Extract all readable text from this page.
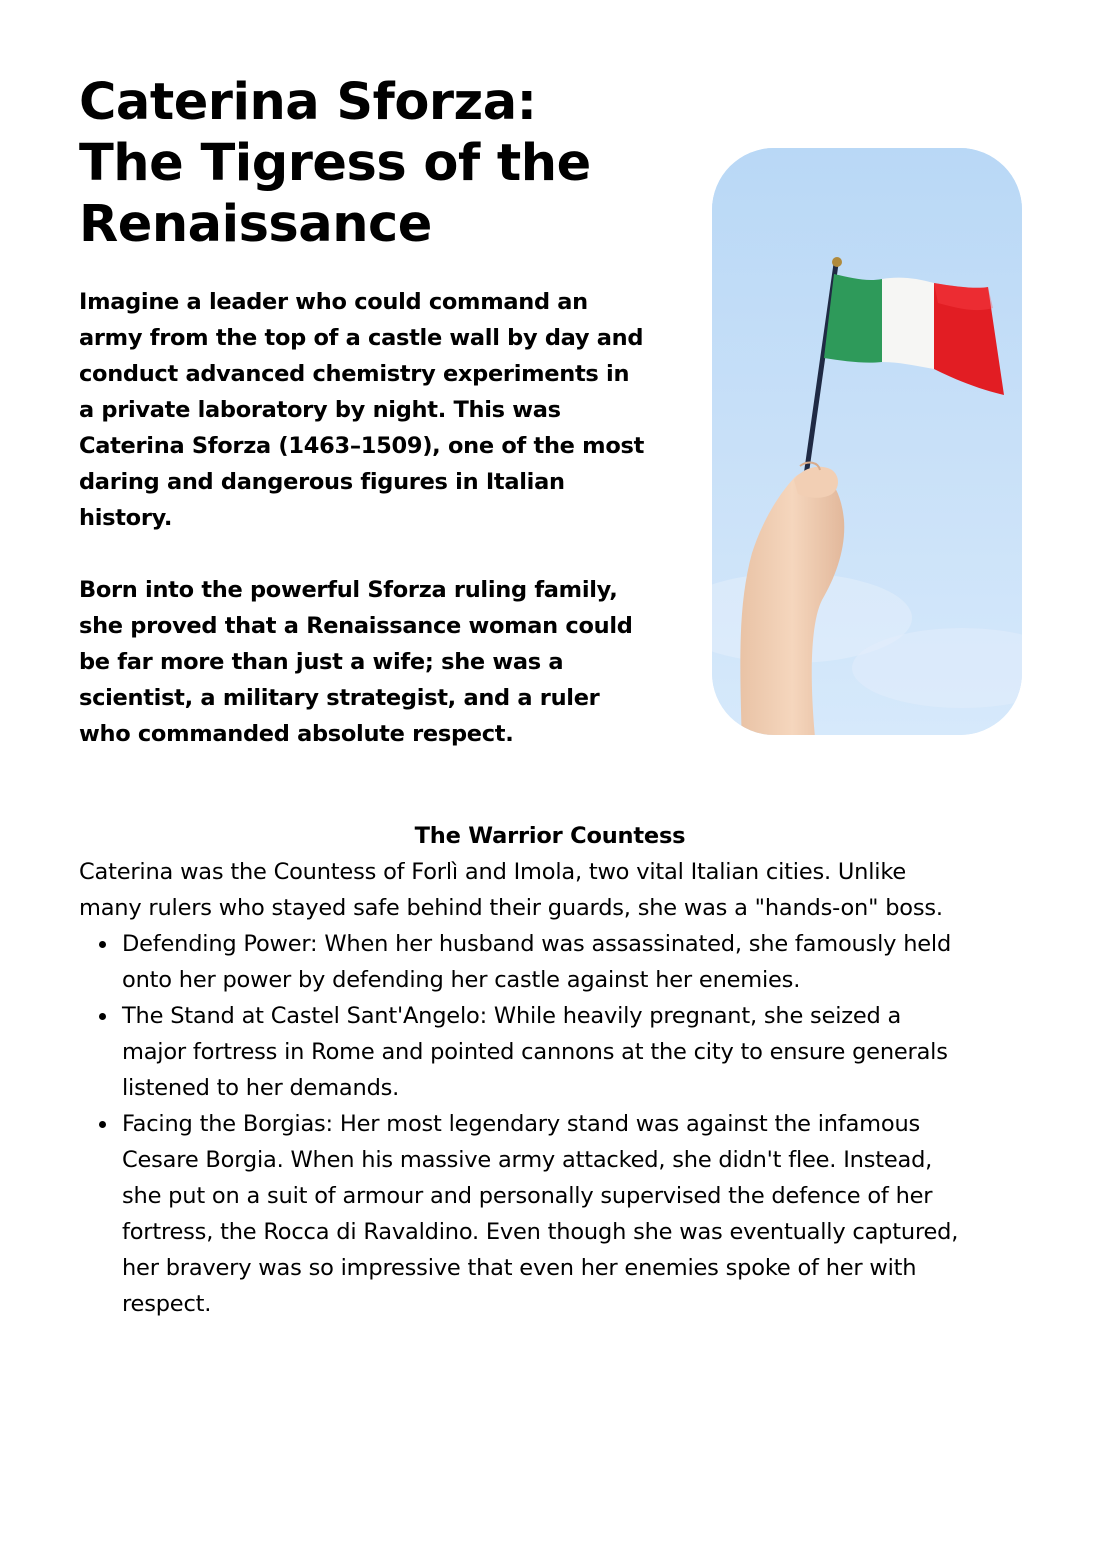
Caterina Sforza:
The Tigress of the
Renaissance
Imagine a leader who could command an
army from the top of a castle wall by day and
conduct advanced chemistry experiments in
a private laboratory by night. This was
Caterina Sforza (1463–1509), one of the most
daring and dangerous figures in Italian
history.
Born into the powerful Sforza ruling family,
she proved that a Renaissance woman could
be far more than just a wife; she was a
scientist, a military strategist, and a ruler
who commanded absolute respect.
The Warrior Countess
Caterina was the Countess of Forlì and Imola, two vital Italian cities. Unlike
many rulers who stayed safe behind their guards, she was a "hands-on" boss.
Defending Power: When her husband was assassinated, she famously held
onto her power by defending her castle against her enemies.
The Stand at Castel Sant'Angelo: While heavily pregnant, she seized a
major fortress in Rome and pointed cannons at the city to ensure generals
listened to her demands.
Facing the Borgias: Her most legendary stand was against the infamous
Cesare Borgia. When his massive army attacked, she didn't flee. Instead,
she put on a suit of armour and personally supervised the defence of her
fortress, the Rocca di Ravaldino. Even though she was eventually captured,
her bravery was so impressive that even her enemies spoke of her with
respect.
